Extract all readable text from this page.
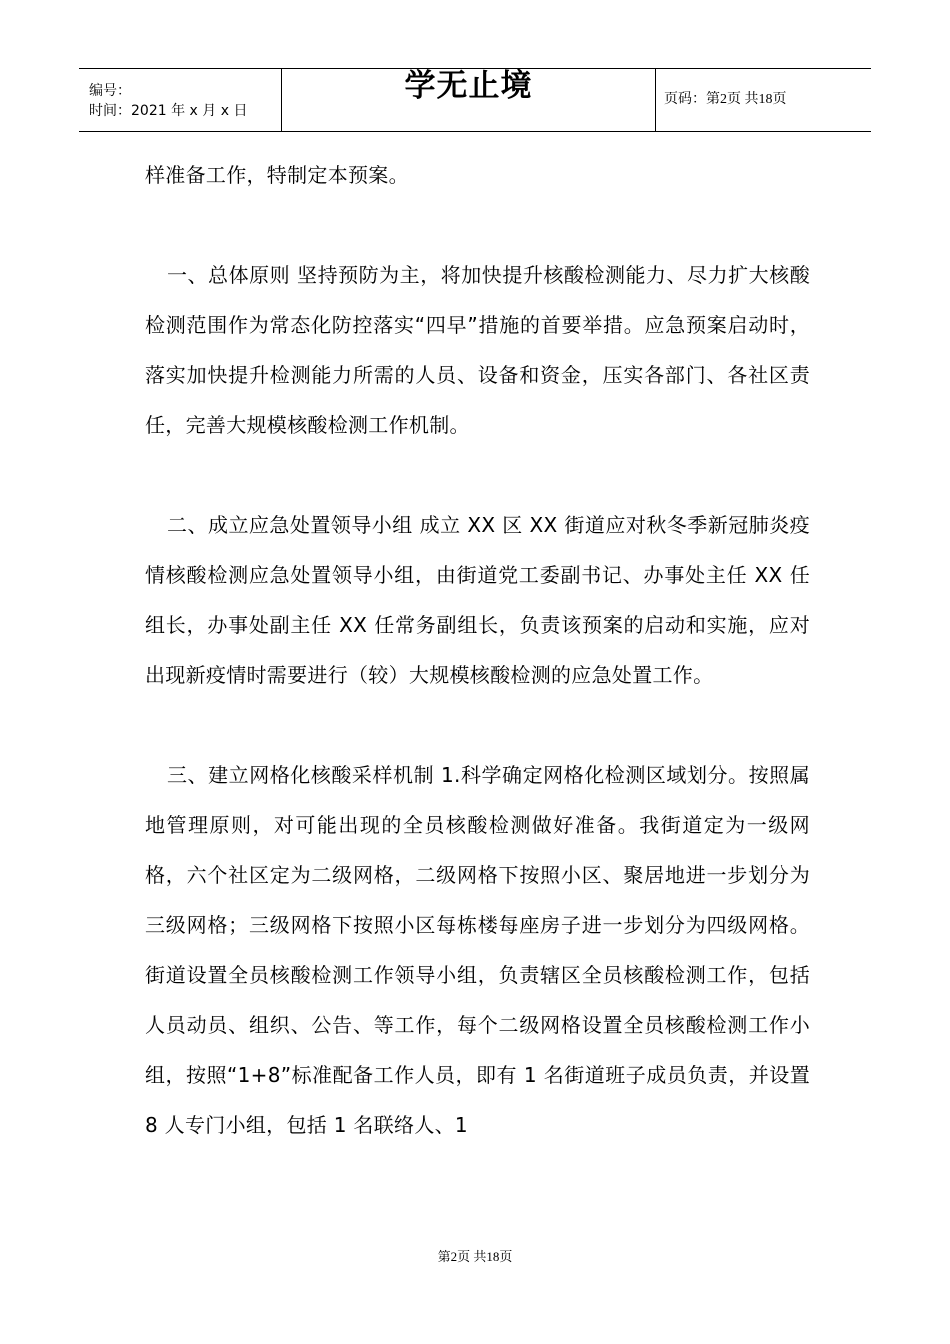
编号：
时间：2021 年 x 月 x 日
学无止境	页码：第2页 共18页

样准备工作，特制定本预案。

一、总体原则 坚持预防为主，将加快提升核酸检测能力、尽力扩大核酸检测范围作为常态化防控落实“四早”措施的首要举措。应急预案启动时，落实加快提升检测能力所需的人员、设备和资金，压实各部门、各社区责任，完善大规模核酸检测工作机制。

二、成立应急处置领导小组 成立 XX 区 XX 街道应对秋冬季新冠肺炎疫情核酸检测应急处置领导小组，由街道党工委副书记、办事处主任 XX 任组长，办事处副主任 XX 任常务副组长，负责该预案的启动和实施，应对出现新疫情时需要进行（较）大规模核酸检测的应急处置工作。

三、建立网格化核酸采样机制 1.科学确定网格化检测区域划分。按照属地管理原则，对可能出现的全员核酸检测做好准备。我街道定为一级网格，六个社区定为二级网格，二级网格下按照小区、聚居地进一步划分为三级网格；三级网格下按照小区每栋楼每座房子进一步划分为四级网格。街道设置全员核酸检测工作领导小组，负责辖区全员核酸检测工作，包括人员动员、组织、公告、等工作，每个二级网格设置全员核酸检测工作小组，按照“1+8”标准配备工作人员，即有 1 名街道班子成员负责，并设置 8 人专门小组，包括 1 名联络人、1

第2页 共18页
